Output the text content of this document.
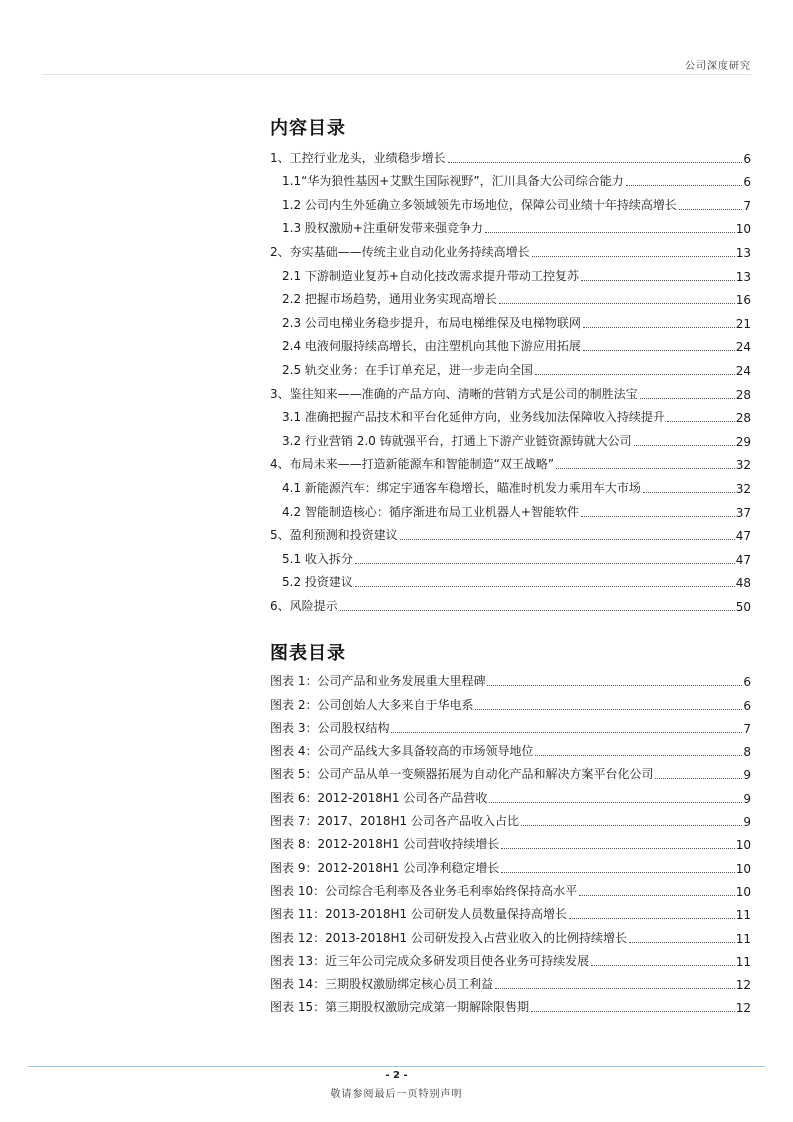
公司深度研究
内容目录
1、工控行业龙头，业绩稳步增长	6
1.1“华为狼性基因+艾默生国际视野”，汇川具备大公司综合能力	6
1.2 公司内生外延确立多领域领先市场地位，保障公司业绩十年持续高增长	7
1.3 股权激励+注重研发带来强竞争力	10
2、夯实基础——传统主业自动化业务持续高增长	13
2.1 下游制造业复苏+自动化技改需求提升带动工控复苏	13
2.2 把握市场趋势，通用业务实现高增长	16
2.3 公司电梯业务稳步提升，布局电梯维保及电梯物联网	21
2.4 电液伺服持续高增长，由注塑机向其他下游应用拓展	24
2.5 轨交业务：在手订单充足，进一步走向全国	24
3、鉴往知来——准确的产品方向、清晰的营销方式是公司的制胜法宝	28
3.1 准确把握产品技术和平台化延伸方向，业务线加法保障收入持续提升	28
3.2 行业营销 2.0 铸就强平台，打通上下游产业链资源铸就大公司	29
4、布局未来——打造新能源车和智能制造“双王战略”	32
4.1 新能源汽车：绑定宇通客车稳增长，瞄准时机发力乘用车大市场	32
4.2 智能制造核心：循序渐进布局工业机器人+智能软件	37
5、盈利预测和投资建议	47
5.1 收入拆分	47
5.2 投资建议	48
6、风险提示	50
图表目录
图表 1：公司产品和业务发展重大里程碑	6
图表 2：公司创始人大多来自于华电系	6
图表 3：公司股权结构	7
图表 4：公司产品线大多具备较高的市场领导地位	8
图表 5：公司产品从单一变频器拓展为自动化产品和解决方案平台化公司	9
图表 6：2012-2018H1 公司各产品营收	9
图表 7：2017、2018H1 公司各产品收入占比	9
图表 8：2012-2018H1 公司营收持续增长	10
图表 9：2012-2018H1 公司净利稳定增长	10
图表 10：公司综合毛利率及各业务毛利率始终保持高水平	10
图表 11：2013-2018H1 公司研发人员数量保持高增长	11
图表 12：2013-2018H1 公司研发投入占营业收入的比例持续增长	11
图表 13：近三年公司完成众多研发项目使各业务可持续发展	11
图表 14：三期股权激励绑定核心员工利益	12
图表 15：第三期股权激励完成第一期解除限售期	12
- 2 -
敬请参阅最后一页特别声明
